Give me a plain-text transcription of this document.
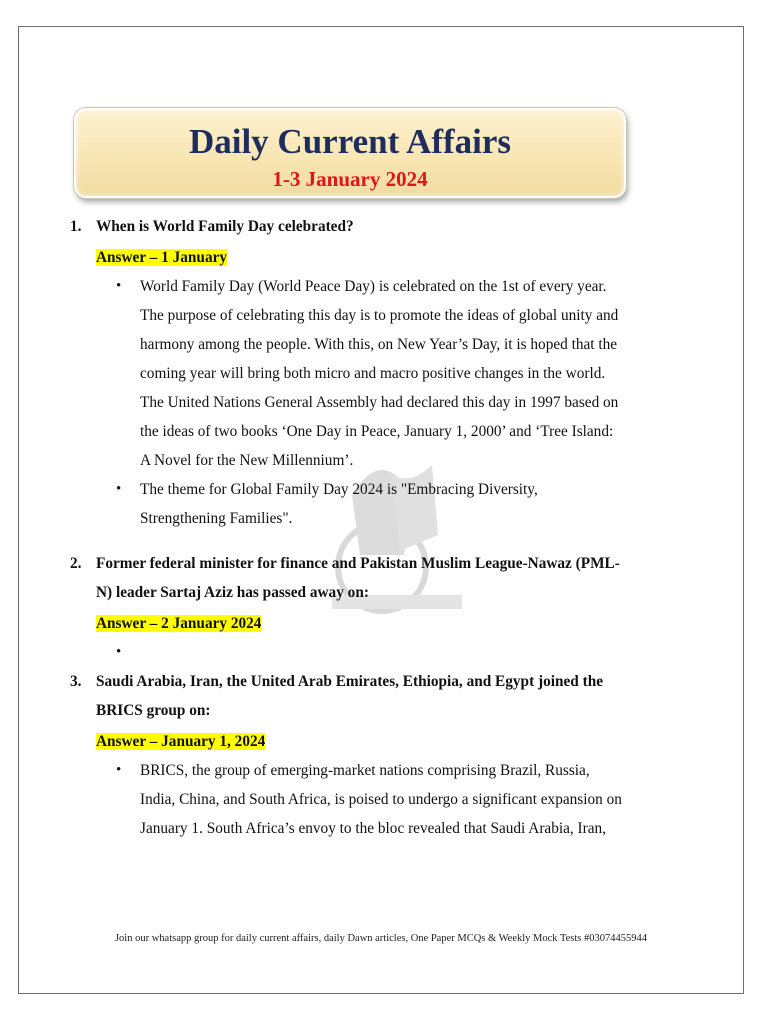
Daily Current Affairs
1-3 January 2024
1. When is World Family Day celebrated?
Answer – 1 January
• World Family Day (World Peace Day) is celebrated on the 1st of every year.
The purpose of celebrating this day is to promote the ideas of global unity and
harmony among the people. With this, on New Year’s Day, it is hoped that the
coming year will bring both micro and macro positive changes in the world.
The United Nations General Assembly had declared this day in 1997 based on
the ideas of two books ‘One Day in Peace, January 1, 2000’ and ‘Tree Island:
A Novel for the New Millennium’.
• The theme for Global Family Day 2024 is "Embracing Diversity,
Strengthening Families".
2. Former federal minister for finance and Pakistan Muslim League-Nawaz (PML-
N) leader Sartaj Aziz has passed away on:
Answer – 2 January 2024
•

3. Saudi Arabia, Iran, the United Arab Emirates, Ethiopia, and Egypt joined the
BRICS group on:
Answer – January 1, 2024
• BRICS, the group of emerging-market nations comprising Brazil, Russia,
India, China, and South Africa, is poised to undergo a significant expansion on
January 1. South Africa’s envoy to the bloc revealed that Saudi Arabia, Iran,
Join our whatsapp group for daily current affairs, daily Dawn articles, One Paper MCQs & Weekly Mock Tests #03074455944
